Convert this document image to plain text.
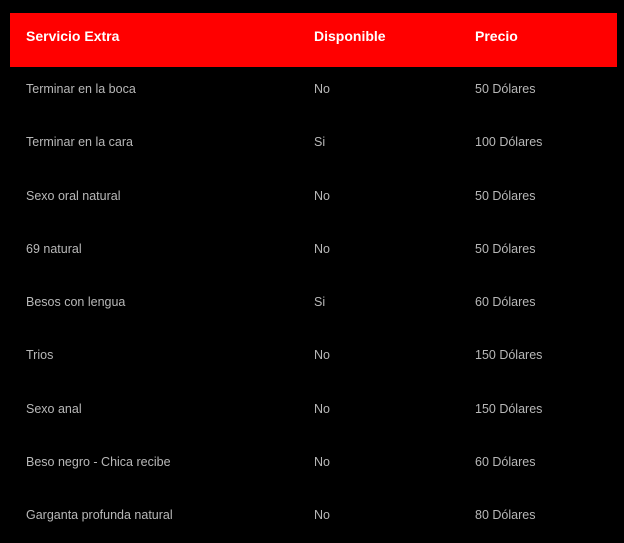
Servicio Extra	Disponible	Precio
Terminar en la boca	No	50 Dólares
Terminar en la cara	Si	100 Dólares
Sexo oral natural	No	50 Dólares
69 natural	No	50 Dólares
Besos con lengua	Si	60 Dólares
Trios	No	150 Dólares
Sexo anal	No	150 Dólares
Beso negro - Chica recibe	No	60 Dólares
Garganta profunda natural	No	80 Dólares
